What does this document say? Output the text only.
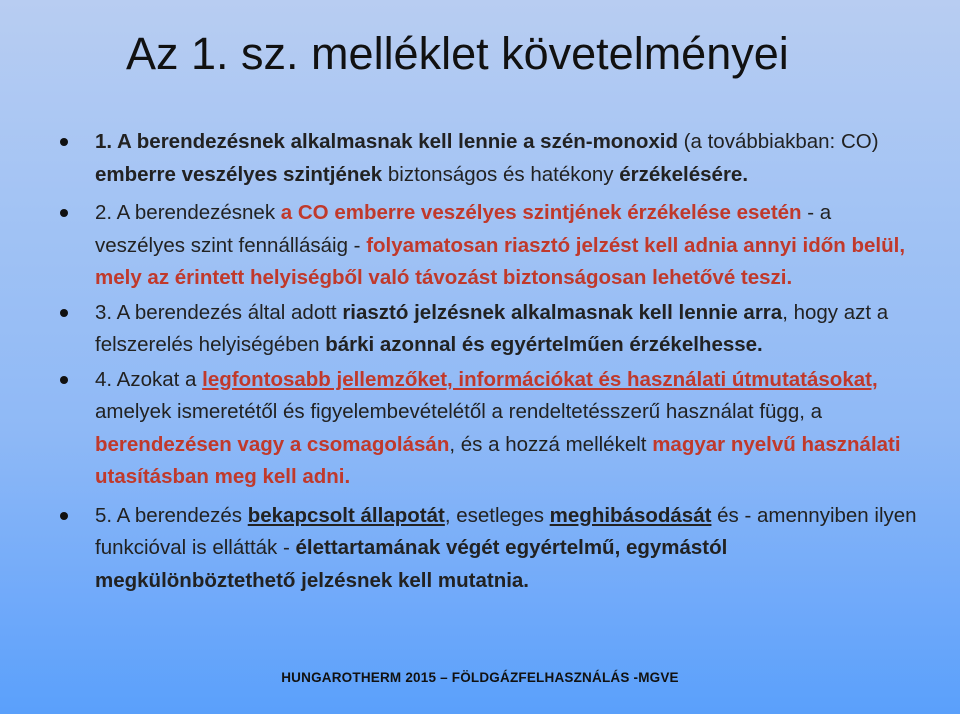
Az 1. sz. melléklet követelményei
1. A berendezésnek alkalmasnak kell lennie a szén-monoxid (a továbbiakban: CO) emberre veszélyes szintjének biztonságos és hatékony érzékelésére.
2. A berendezésnek a CO emberre veszélyes szintjének érzékelése esetén - a veszélyes szint fennállásáig - folyamatosan riasztó jelzést kell adnia annyi időn belül, mely az érintett helyiségből való távozást biztonságosan lehetővé teszi.
3. A berendezés által adott riasztó jelzésnek alkalmasnak kell lennie arra, hogy azt a felszerelés helyiségében bárki azonnal és egyértelműen érzékelhesse.
4. Azokat a legfontosabb jellemzőket, információkat és használati útmutatásokat, amelyek ismeretétől és figyelembevételétől a rendeltetésszerű használat függ, a berendezésen vagy a csomagolásán, és a hozzá mellékelt magyar nyelvű használati utasításban meg kell adni.
5. A berendezés bekapcsolt állapotát, esetleges meghibásodását és - amennyiben ilyen funkcióval is ellátták - élettartamának végét egyértelmű, egymástól megkülönböztethető jelzésnek kell mutatnia.
HUNGAROTHERM 2015 – FÖLDGÁZFELHASZNÁLÁS -MGVE
